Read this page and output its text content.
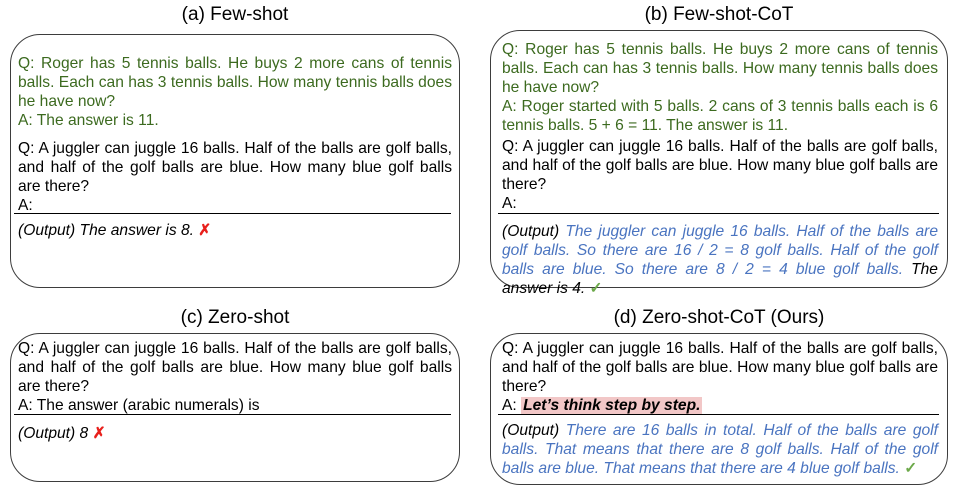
(a) Few-shot
Q: Roger has 5 tennis balls. He buys 2 more cans of tennis balls. Each can has 3 tennis balls. How many tennis balls does he have now?
A: The answer is 11.
Q: A juggler can juggle 16 balls. Half of the balls are golf balls, and half of the golf balls are blue. How many blue golf balls are there?
A:
(Output) The answer is 8. ✗
(b) Few-shot-CoT
Q: Roger has 5 tennis balls. He buys 2 more cans of tennis balls. Each can has 3 tennis balls. How many tennis balls does he have now?
A: Roger started with 5 balls. 2 cans of 3 tennis balls each is 6 tennis balls. 5 + 6 = 11. The answer is 11.
Q: A juggler can juggle 16 balls. Half of the balls are golf balls, and half of the golf balls are blue. How many blue golf balls are there?
A:
(Output) The juggler can juggle 16 balls. Half of the balls are golf balls. So there are 16 / 2 = 8 golf balls. Half of the golf balls are blue. So there are 8 / 2 = 4 blue golf balls. The answer is 4. ✓
(c) Zero-shot
Q: A juggler can juggle 16 balls. Half of the balls are golf balls, and half of the golf balls are blue. How many blue golf balls are there?
A: The answer (arabic numerals) is
(Output) 8 ✗
(d) Zero-shot-CoT (Ours)
Q: A juggler can juggle 16 balls. Half of the balls are golf balls, and half of the golf balls are blue. How many blue golf balls are there?
A: Let’s think step by step.
(Output) There are 16 balls in total. Half of the balls are golf balls. That means that there are 8 golf balls. Half of the golf balls are blue. That means that there are 4 blue golf balls. ✓
